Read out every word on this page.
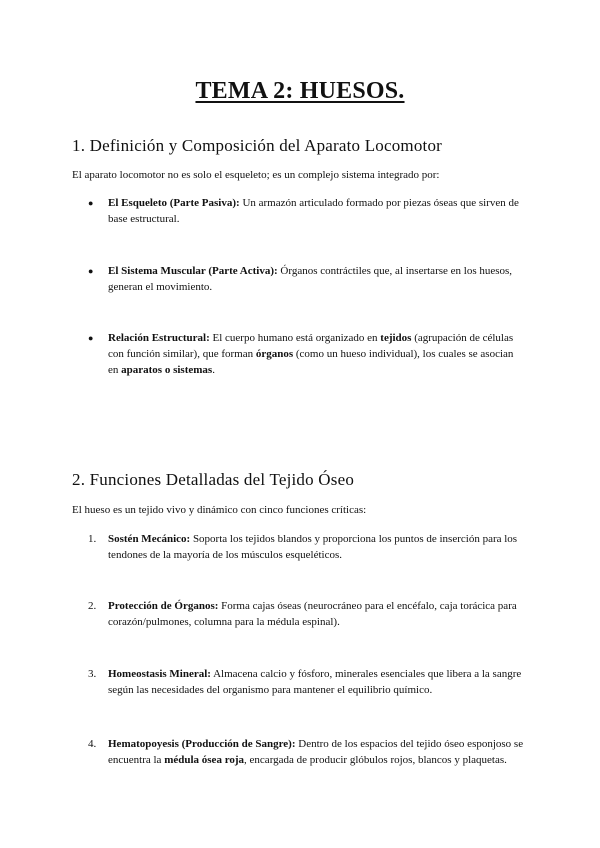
TEMA 2: HUESOS.
1. Definición y Composición del Aparato Locomotor

El aparato locomotor no es solo el esqueleto; es un complejo sistema integrado por:

●	El Esqueleto (Parte Pasiva): Un armazón articulado formado por piezas óseas que sirven de base estructural.

●	El Sistema Muscular (Parte Activa): Órganos contráctiles que, al insertarse en los huesos, generan el movimiento.

●	Relación Estructural: El cuerpo humano está organizado en tejidos (agrupación de células con función similar), que forman órganos (como un hueso individual), los cuales se asocian en aparatos o sistemas.

2. Funciones Detalladas del Tejido Óseo

El hueso es un tejido vivo y dinámico con cinco funciones críticas:

1.	Sostén Mecánico: Soporta los tejidos blandos y proporciona los puntos de inserción para los tendones de la mayoría de los músculos esqueléticos.

2.	Protección de Órganos: Forma cajas óseas (neurocráneo para el encéfalo, caja torácica para corazón/pulmones, columna para la médula espinal).

3.	Homeostasis Mineral: Almacena calcio y fósforo, minerales esenciales que libera a la sangre según las necesidades del organismo para mantener el equilibrio químico.

4.	Hematopoyesis (Producción de Sangre): Dentro de los espacios del tejido óseo esponjoso se encuentra la médula ósea roja, encargada de producir glóbulos rojos, blancos y plaquetas.
